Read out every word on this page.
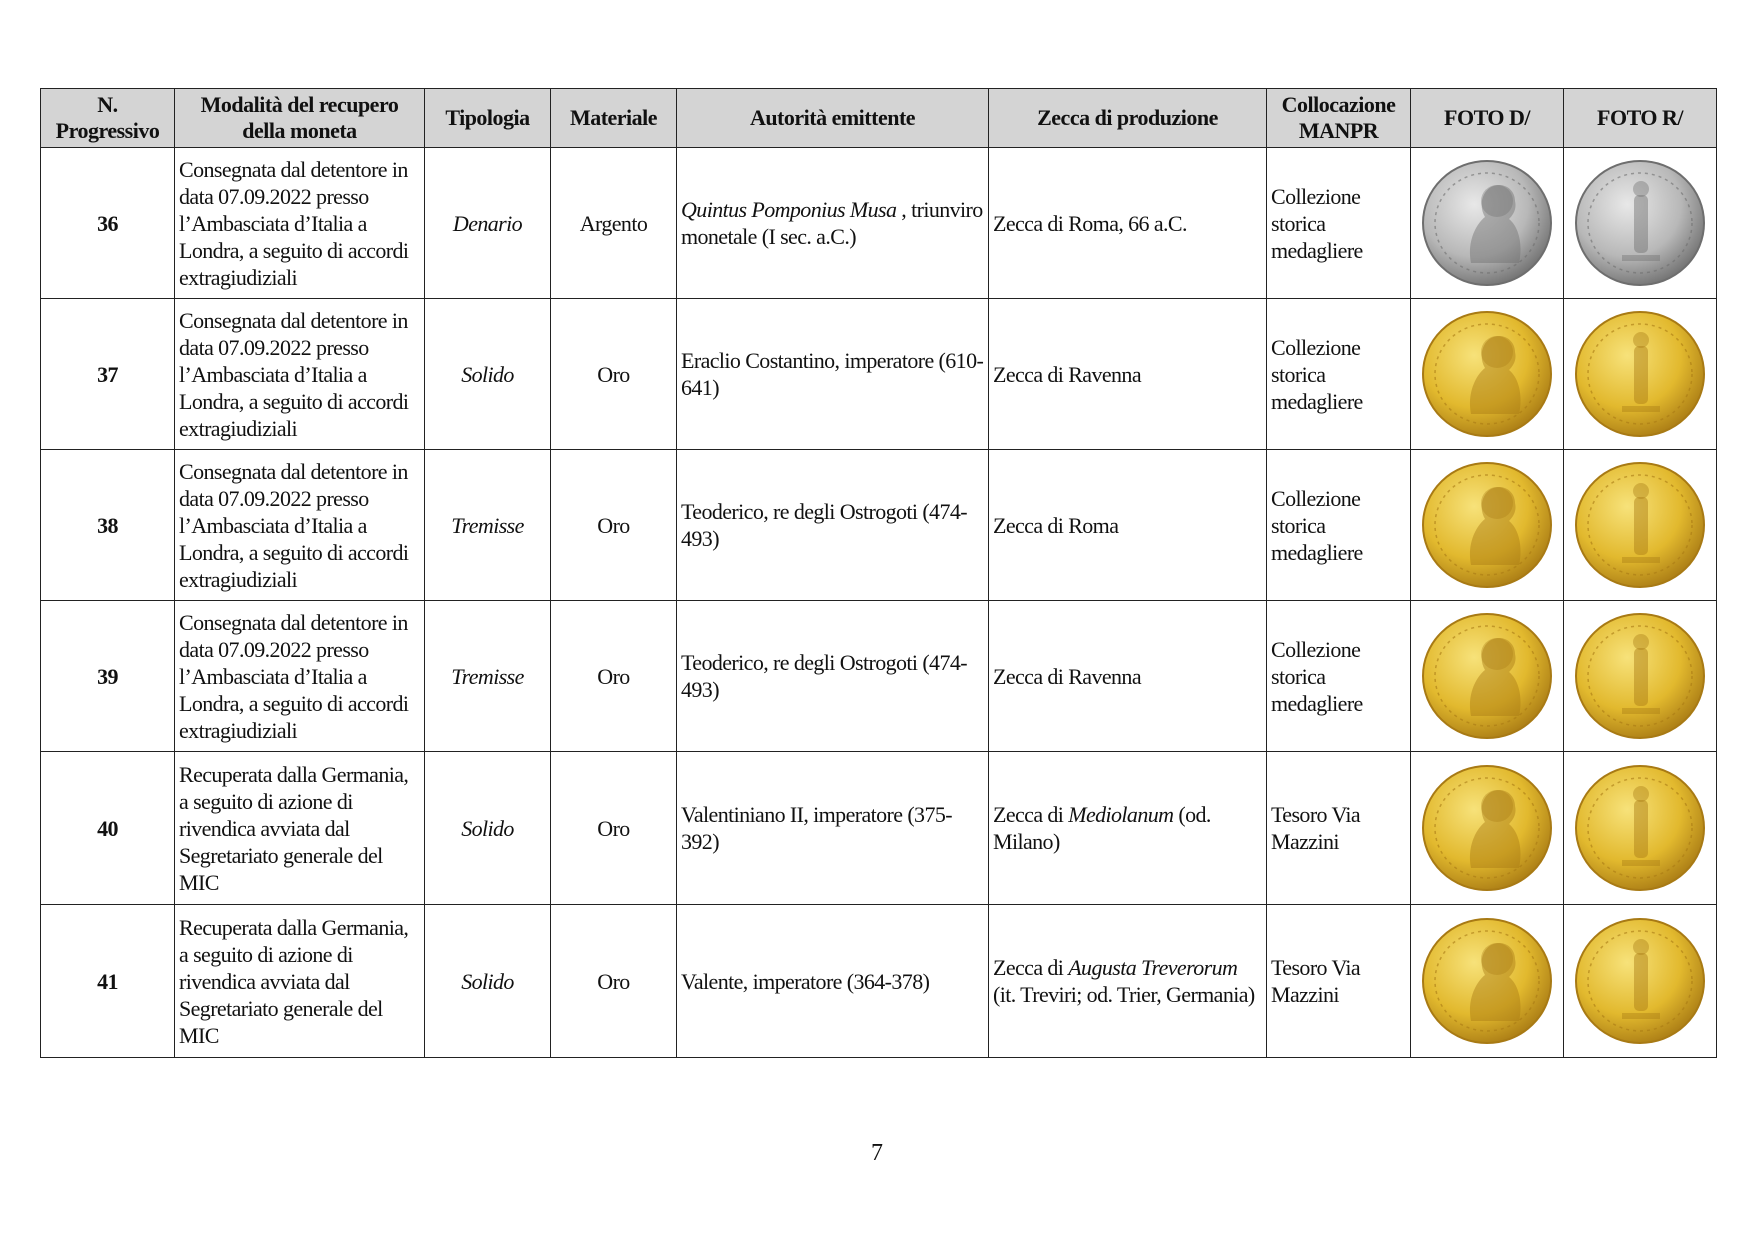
N. Progressivo	Modalità del recupero della moneta	Tipologia	Materiale	Autorità emittente	Zecca di produzione	Collocazione MANPR	FOTO D/	FOTO R/
36	Consegnata dal detentore in data 07.09.2022 presso l’Ambasciata d’Italia a Londra, a seguito di accordi extragiudiziali	Denario	Argento	Quintus Pomponius Musa , triunviro monetale (I sec. a.C.)	Zecca di Roma, 66 a.C.	Collezione storica medagliere	

37	Consegnata dal detentore in data 07.09.2022 presso l’Ambasciata d’Italia a Londra, a seguito di accordi extragiudiziali	Solido	Oro	Eraclio Costantino, imperatore (610-641)	Zecca di Ravenna	Collezione storica medagliere	

38	Consegnata dal detentore in data 07.09.2022 presso l’Ambasciata d’Italia a Londra, a seguito di accordi extragiudiziali	Tremisse	Oro	Teoderico, re degli Ostrogoti (474-493)	Zecca di Roma	Collezione storica medagliere	

39	Consegnata dal detentore in data 07.09.2022 presso l’Ambasciata d’Italia a Londra, a seguito di accordi extragiudiziali	Tremisse	Oro	Teoderico, re degli Ostrogoti (474-493)	Zecca di Ravenna	Collezione storica medagliere	

40	Recuperata dalla Germania, a seguito di azione di rivendica avviata dal Segretariato generale del MIC	Solido	Oro	Valentiniano II, imperatore (375-392)	Zecca di Mediolanum (od. Milano)	Tesoro Via Mazzini	

41	Recuperata dalla Germania, a seguito di azione di rivendica avviata dal Segretariato generale del MIC	Solido	Oro	Valente, imperatore (364-378)	Zecca di Augusta Treverorum (it. Treviri; od. Trier, Germania)	Tesoro Via Mazzini	

7
